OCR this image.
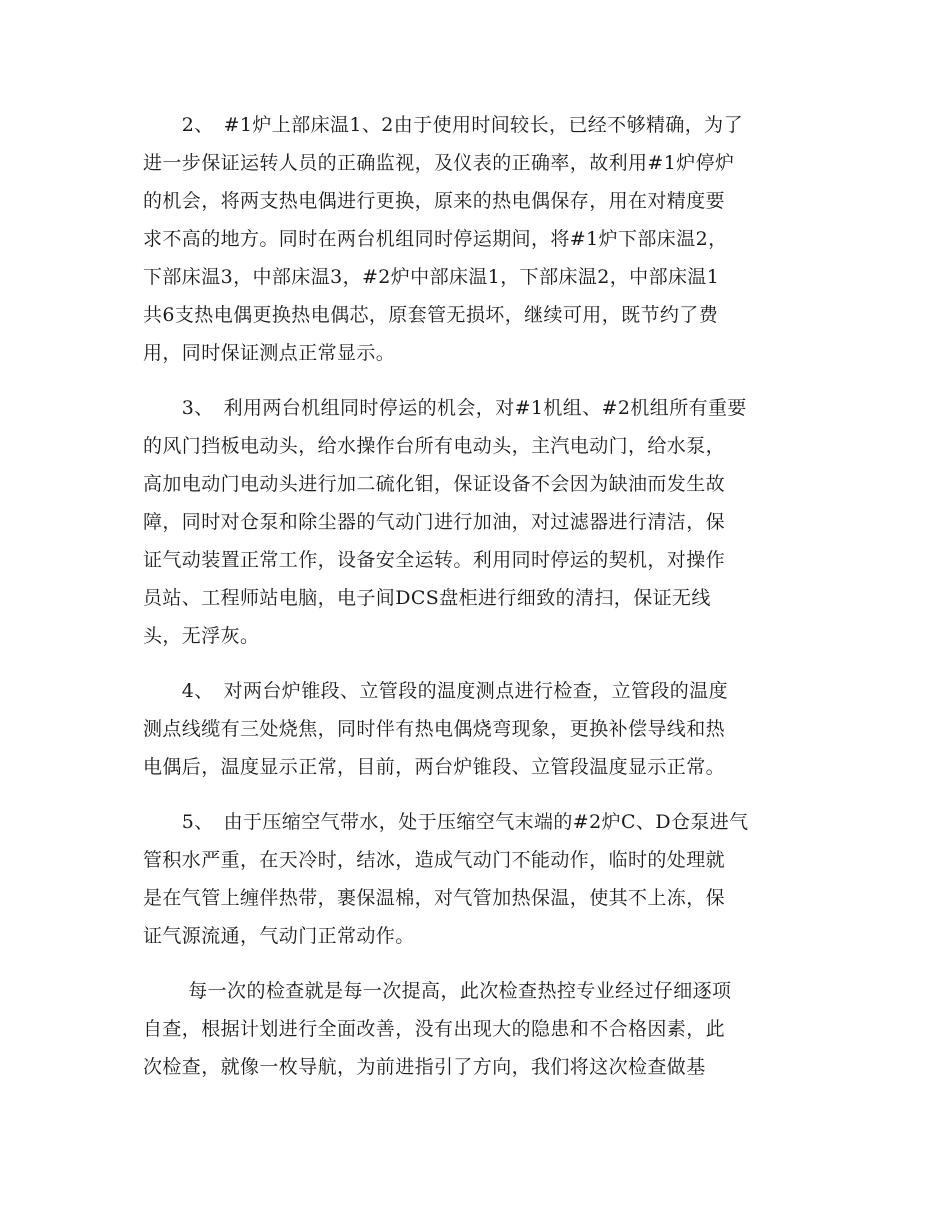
　　2、　#1炉上部床温1、2由于使用时间较长，已经不够精确，为了
进一步保证运转人员的正确监视，及仪表的正确率，故利用#1炉停炉
的机会，将两支热电偶进行更换，原来的热电偶保存，用在对精度要
求不高的地方。同时在两台机组同时停运期间，将#1炉下部床温2，
下部床温3，中部床温3，#2炉中部床温1，下部床温2，中部床温1
共6支热电偶更换热电偶芯，原套管无损坏，继续可用，既节约了费
用，同时保证测点正常显示。

　　3、　利用两台机组同时停运的机会，对#1机组、#2机组所有重要
的风门挡板电动头，给水操作台所有电动头，主汽电动门，给水泵，
高加电动门电动头进行加二硫化钼，保证设备不会因为缺油而发生故
障，同时对仓泵和除尘器的气动门进行加油，对过滤器进行清洁，保
证气动装置正常工作，设备安全运转。利用同时停运的契机，对操作
员站、工程师站电脑，电子间DCS盘柜进行细致的清扫，保证无线
头，无浮灰。

　　4、　对两台炉锥段、立管段的温度测点进行检查，立管段的温度
测点线缆有三处烧焦，同时伴有热电偶烧弯现象，更换补偿导线和热
电偶后，温度显示正常，目前，两台炉锥段、立管段温度显示正常。

　　5、　由于压缩空气带水，处于压缩空气末端的#2炉C、D仓泵进气
管积水严重，在天冷时，结冰，造成气动门不能动作，临时的处理就
是在气管上缠伴热带，裹保温棉，对气管加热保温，使其不上冻，保
证气源流通，气动门正常动作。

　　 每一次的检查就是每一次提高，此次检查热控专业经过仔细逐项
自查，根据计划进行全面改善，没有出现大的隐患和不合格因素，此
次检查，就像一枚导航，为前进指引了方向，我们将这次检查做基
